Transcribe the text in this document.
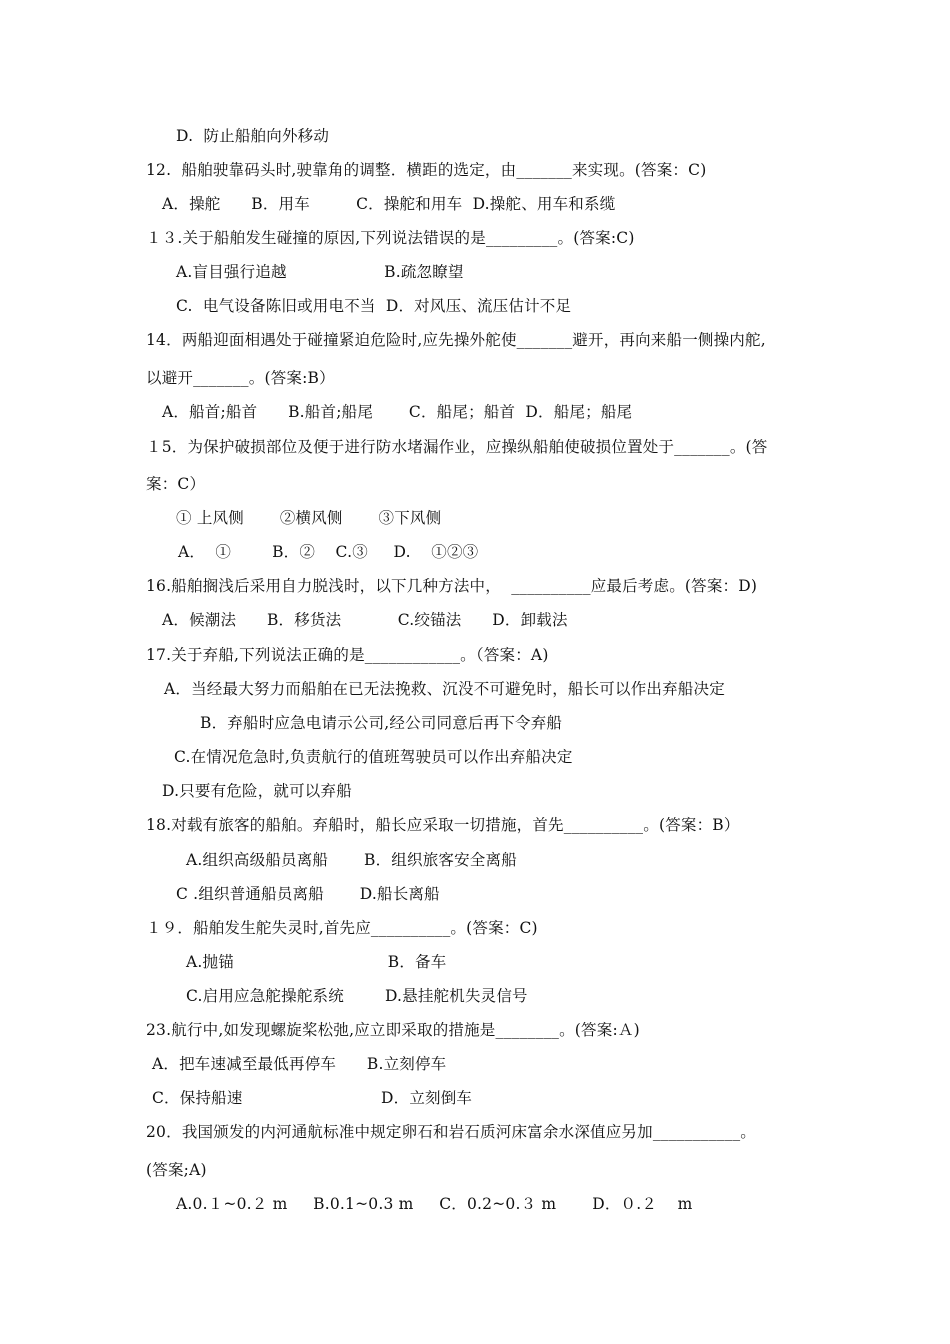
D.  防止船舶向外移动
12.  船舶驶靠码头时,驶靠角的调整．横距的选定，由_______来实现。(答案：C)
A．操舵      B．用车         C．操舵和用车  D.操舵、用车和系缆
１３.关于船舶发生碰撞的原因,下列说法错误的是_________。(答案:C)
A.盲目强行追越                   B.疏忽瞭望
C.  电气设备陈旧或用电不当  D．对风压、流压估计不足
14．两船迎面相遇处于碰撞紧迫危险时,应先操外舵使_______避开，再向来船一侧操内舵,
以避开_______。(答案:B）
A．船首;船首      B.船首;船尾       C．船尾；船首  D．船尾；船尾
１5．为保护破损部位及便于进行防水堵漏作业，应操纵船舶使破损位置处于_______。(答
案：C）
① 上风侧       ②横风侧       ③下风侧
A．  ①        B．②    C.③     D.    ①②③
16.船舶搁浅后采用自力脱浅时，以下几种方法中，  __________应最后考虑。(答案：D)
A．候潮法      B．移货法           C.绞锚法      D．卸载法
17.关于弃船,下列说法正确的是____________。（答案：A)
A．当经最大努力而船舶在已无法挽救、沉没不可避免时，船长可以作出弃船决定
B．弃船时应急电请示公司,经公司同意后再下令弃船
C.在情况危急时,负责航行的值班驾驶员可以作出弃船决定
D.只要有危险，就可以弃船
18.对载有旅客的船舶。弃船时，船长应采取一切措施，首先__________。(答案：B）
A.组织高级船员离船       B．组织旅客安全离船
C .组织普通船员离船       D.船长离船
１９．船舶发生舵失灵时,首先应__________。(答案：C)
A.抛锚                              B．备车
C.启用应急舵操舵系统        D.悬挂舵机失灵信号
23.航行中,如发现螺旋桨松弛,应立即采取的措施是________。(答案:Ａ)
A．把车速减至最低再停车      B.立刻停车
C．保持船速                           D．立刻倒车
20．我国颁发的内河通航标准中规定卵石和岩石质河床富余水深值应另加___________。
(答案;A)
A.0.１~0.２ m     B.0.1~0.3 m     C．0.2~0.３ m       D．０.２    m
